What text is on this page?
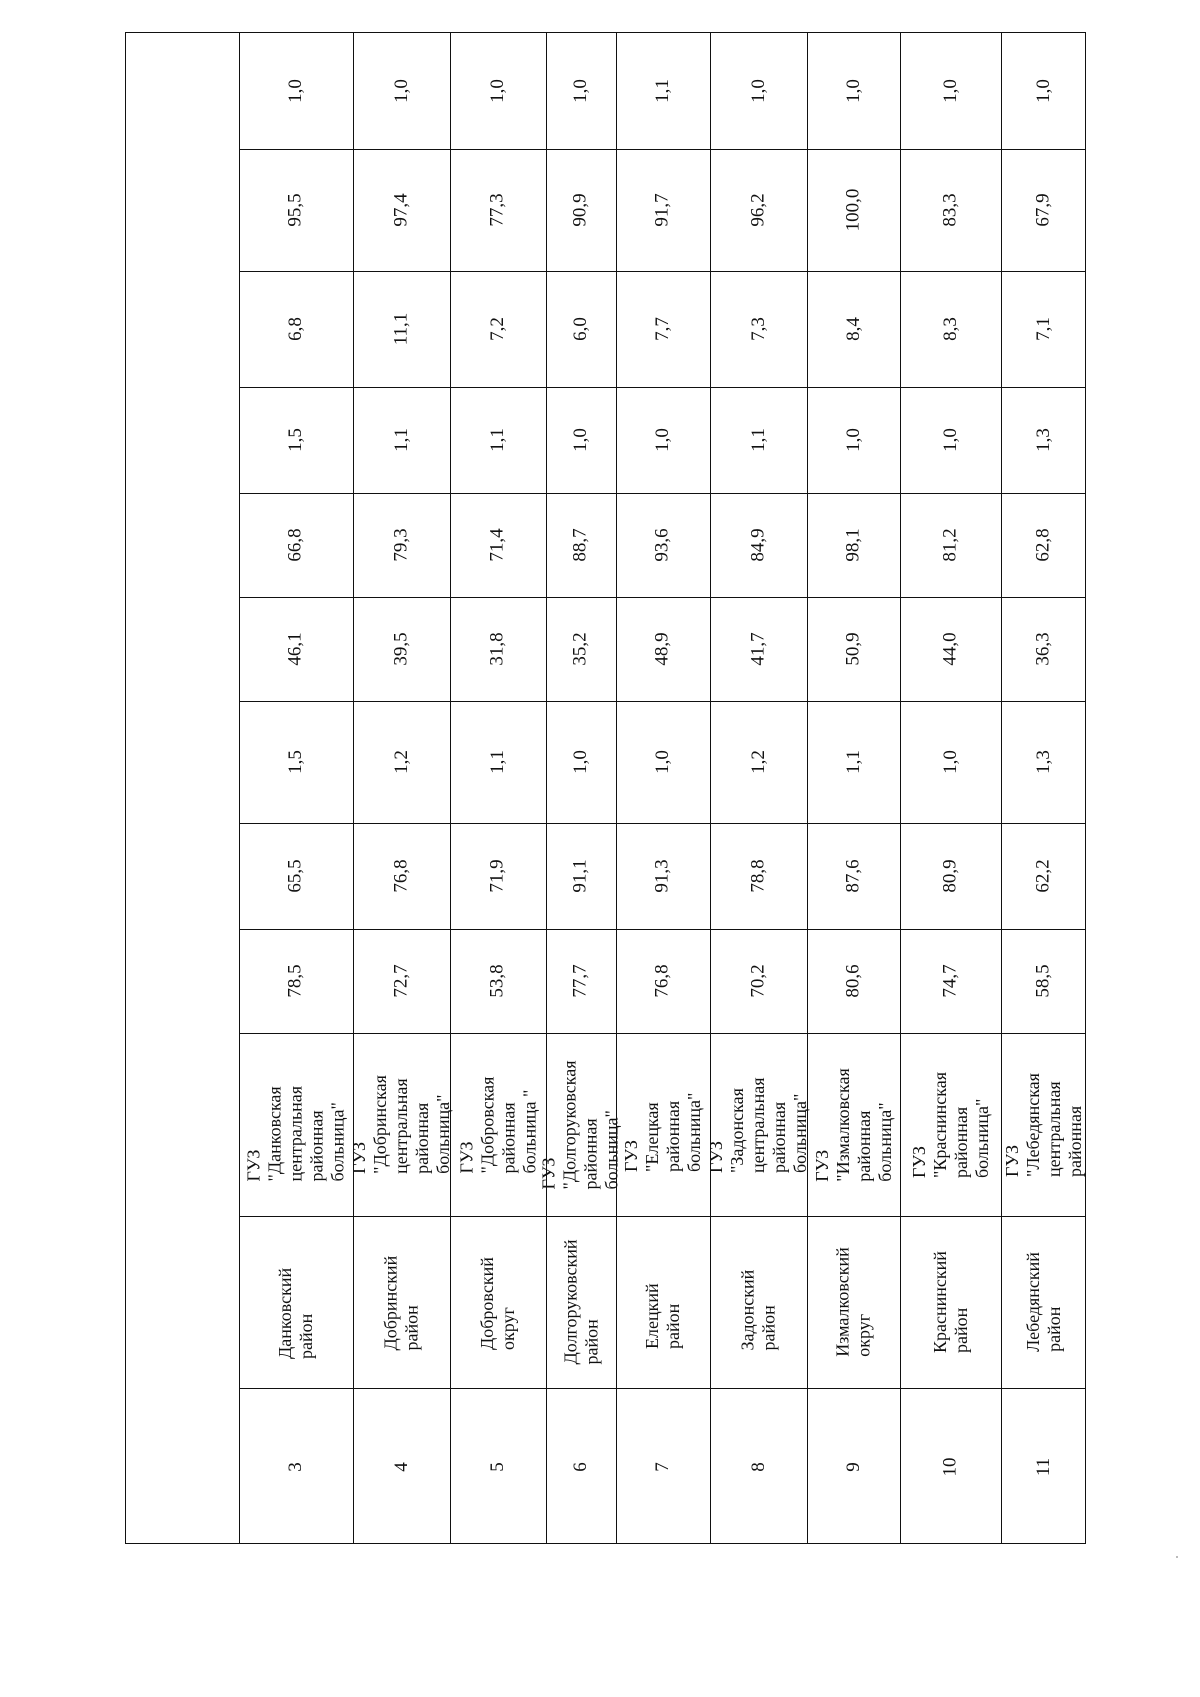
78,5
65,5
1,5
46,1
66,8
1,5
6,8
95,5
1,0
ГУЗ "Данковская центральная районная больница"
Данковский район
3
72,7
76,8
1,2
39,5
79,3
1,1
11,1
97,4
1,0
ГУЗ "Добринская центральная районная больница"
Добринский район
4
53,8
71,9
1,1
31,8
71,4
1,1
7,2
77,3
1,0
ГУЗ "Добровская районная больница "
Добровский округ
5
77,7
91,1
1,0
35,2
88,7
1,0
6,0
90,9
1,0
ГУЗ "Долгоруковская районная больница"
Долгоруковский район
6
76,8
91,3
1,0
48,9
93,6
1,0
7,7
91,7
1,1
ГУЗ "Елецкая районная больница"
Елецкий район
7
70,2
78,8
1,2
41,7
84,9
1,1
7,3
96,2
1,0
ГУЗ "Задонская центральная районная больница"
Задонский район
8
80,6
87,6
1,1
50,9
98,1
1,0
8,4
100,0
1,0
ГУЗ "Измалковская районная больница"
Измалковский округ
9
74,7
80,9
1,0
44,0
81,2
1,0
8,3
83,3
1,0
ГУЗ "Краснинская районная больница"
Краснинский район
10
58,5
62,2
1,3
36,3
62,8
1,3
7,1
67,9
1,0
ГУЗ "Лебедянская центральная районная
Лебедянский район
11
